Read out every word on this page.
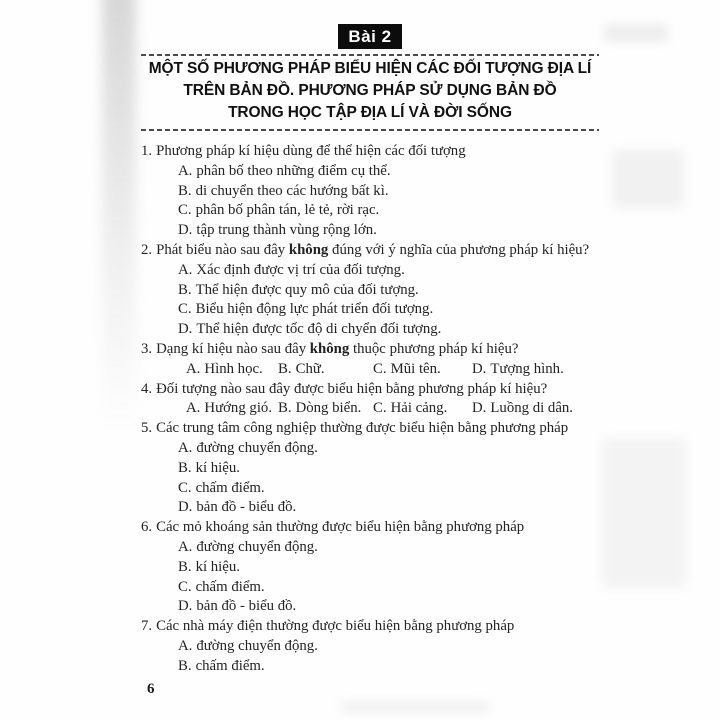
Bài 2
MỘT SỐ PHƯƠNG PHÁP BIỂU HIỆN CÁC ĐỐI TƯỢNG ĐỊA LÍ
TRÊN BẢN ĐỒ. PHƯƠNG PHÁP SỬ DỤNG BẢN ĐỒ
TRONG HỌC TẬP ĐỊA LÍ VÀ ĐỜI SỐNG
1. Phương pháp kí hiệu dùng để thể hiện các đối tượng
A. phân bố theo những điểm cụ thể.
B. di chuyển theo các hướng bất kì.
C. phân bố phân tán, lẻ tẻ, rời rạc.
D. tập trung thành vùng rộng lớn.
2. Phát biểu nào sau đây không đúng với ý nghĩa của phương pháp kí hiệu?
A. Xác định được vị trí của đối tượng.
B. Thể hiện được quy mô của đối tượng.
C. Biểu hiện động lực phát triển đối tượng.
D. Thể hiện được tốc độ di chyển đối tượng.
3. Dạng kí hiệu nào sau đây không thuộc phương pháp kí hiệu?
A. Hình học.	B. Chữ.	C. Mũi tên.	D. Tượng hình.
4. Đối tượng nào sau đây được biểu hiện bằng phương pháp kí hiệu?
A. Hướng gió. B. Dòng biển. C. Hải cảng.	D. Luồng di dân.
5. Các trung tâm công nghiệp thường được biểu hiện bằng phương pháp
A. đường chuyển động.
B. kí hiệu.
C. chấm điểm.
D. bản đồ - biểu đồ.
6. Các mỏ khoáng sản thường được biểu hiện bằng phương pháp
A. đường chuyển động.
B. kí hiệu.
C. chấm điểm.
D. bản đồ - biểu đồ.
7. Các nhà máy điện thường được biểu hiện bằng phương pháp
A. đường chuyển động.
B. chấm điểm.
6
